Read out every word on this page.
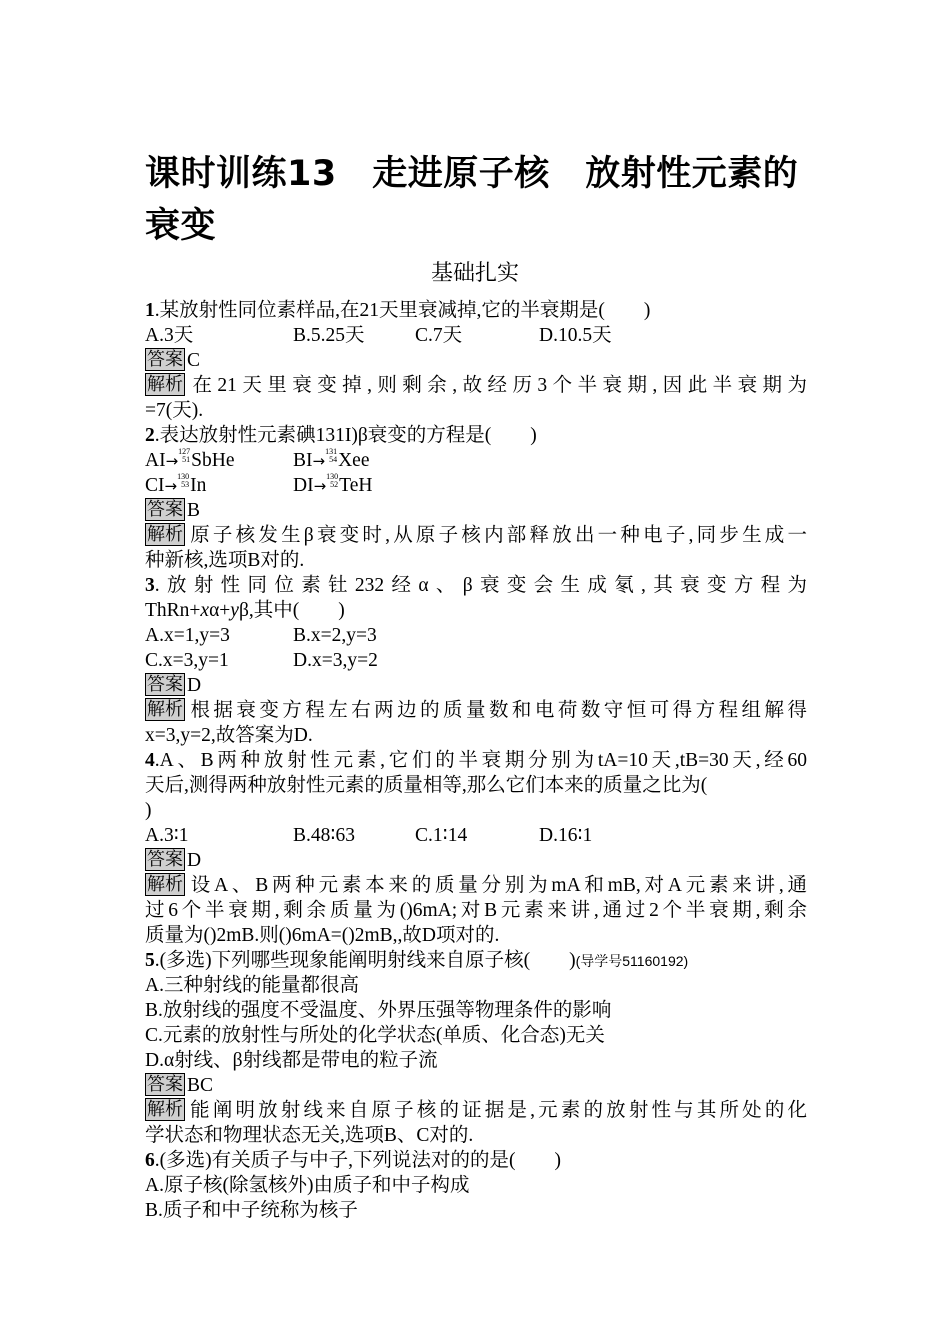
课时训练13　走进原子核　放射性元素的
衰变
基础扎实
1.某放射性同位素样品,在21天里衰减掉,它的半衰期是(　　)
A.3天	B.5.25天	C.7天	D.10.5天
答案 C
解析 在21天里衰变掉,则剩余,故经历3个半衰期,因此半衰期为
=7(天).
2.表达放射性元素碘131I)β衰变的方程是(　　)
AI→127
51SbHe	BI→131
54Xee
CI→130
53In	DI→130
52TeH
答案 B
解析 原子核发生β衰变时,从原子核内部释放出一种电子,同步生成一
种新核,选项B对的.
3.放射性同位素钍232经α、β衰变会生成氡,其衰变方程为
ThRn+xα+yβ,其中(　　)
A.x=1,y=3	B.x=2,y=3
C.x=3,y=1	D.x=3,y=2
答案 D
解析 根据衰变方程左右两边的质量数和电荷数守恒可得方程组解得
x=3,y=2,故答案为D.
4.A、B两种放射性元素,它们的半衰期分别为tA=10天,tB=30天,经60
天后,测得两种放射性元素的质量相等,那么它们本来的质量之比为(
)
A.3∶1	B.48∶63	C.1∶14	D.16∶1
答案 D
解析 设A、B两种元素本来的质量分别为mA和mB,对A元素来讲,通
过6个半衰期,剩余质量为()6mA;对B元素来讲,通过2个半衰期,剩余
质量为()2mB.则()6mA=()2mB,,故D项对的.
5.(多选)下列哪些现象能阐明射线来自原子核(　　)(导学号51160192)
A.三种射线的能量都很高
B.放射线的强度不受温度、外界压强等物理条件的影响
C.元素的放射性与所处的化学状态(单质、化合态)无关
D.α射线、β射线都是带电的粒子流
答案 BC
解析 能阐明放射线来自原子核的证据是,元素的放射性与其所处的化
学状态和物理状态无关,选项B、C对的.
6.(多选)有关质子与中子,下列说法对的的是(　　)
A.原子核(除氢核外)由质子和中子构成
B.质子和中子统称为核子
